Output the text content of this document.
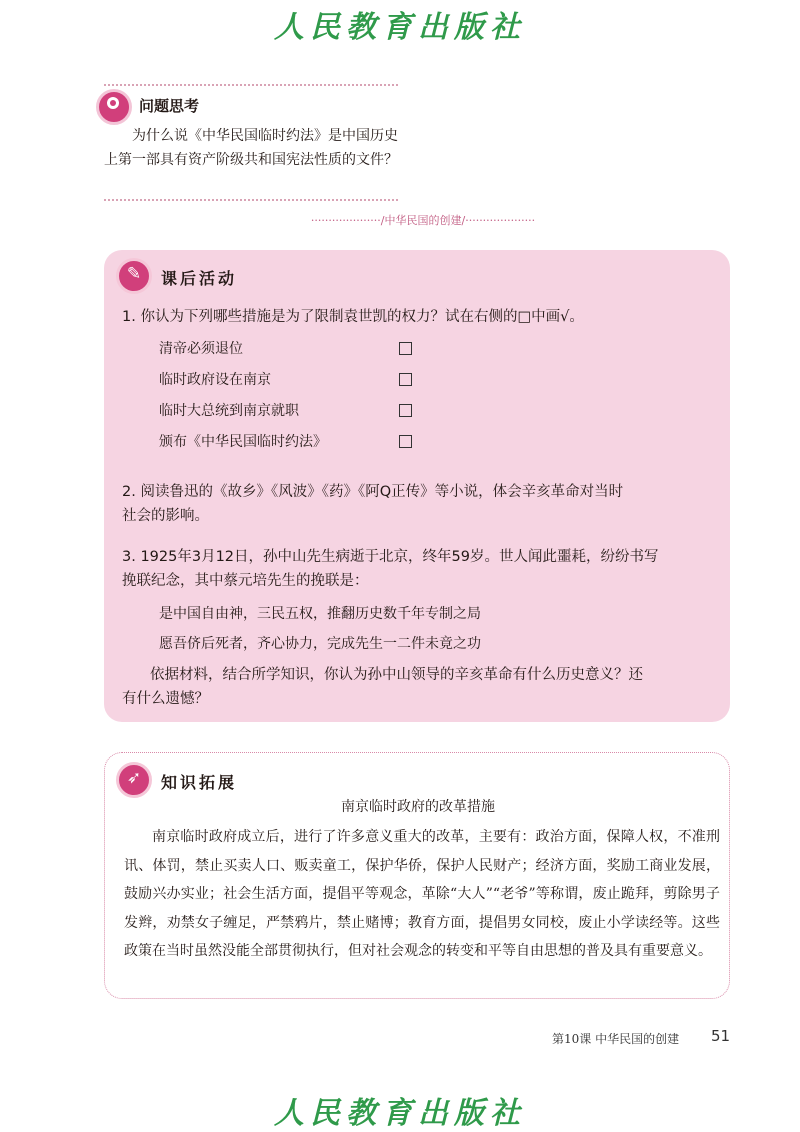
人民教育出版社
问题思考
为什么说《中华民国临时约法》是中国历史上第一部具有资产阶级共和国宪法性质的文件？
····················/中华民国的创建/····················
✎	课后活动
1. 你认为下列哪些措施是为了限制袁世凯的权力？试在右侧的□中画√。
清帝必须退位
临时政府设在南京
临时大总统到南京就职
颁布《中华民国临时约法》
2. 阅读鲁迅的《故乡》《风波》《药》《阿Q正传》等小说，体会辛亥革命对当时
社会的影响。
3. 1925年3月12日，孙中山先生病逝于北京，终年59岁。世人闻此噩耗，纷纷书写
挽联纪念，其中蔡元培先生的挽联是：
是中国自由神，三民五权，推翻历史数千年专制之局
愿吾侪后死者，齐心协力，完成先生一二件未竟之功
依据材料，结合所学知识，你认为孙中山领导的辛亥革命有什么历史意义？还
有什么遗憾？
➶	知识拓展
南京临时政府的改革措施
南京临时政府成立后，进行了许多意义重大的改革，主要有：政治方面，保障人权，不准刑讯、体罚，禁止买卖人口、贩卖童工，保护华侨，保护人民财产；经济方面，奖励工商业发展，鼓励兴办实业；社会生活方面，提倡平等观念，革除“大人”“老爷”等称谓，废止跪拜，剪除男子发辫，劝禁女子缠足，严禁鸦片，禁止赌博；教育方面，提倡男女同校，废止小学读经等。这些政策在当时虽然没能全部贯彻执行，但对社会观念的转变和平等自由思想的普及具有重要意义。
第10课 中华民国的创建 51
人民教育出版社
